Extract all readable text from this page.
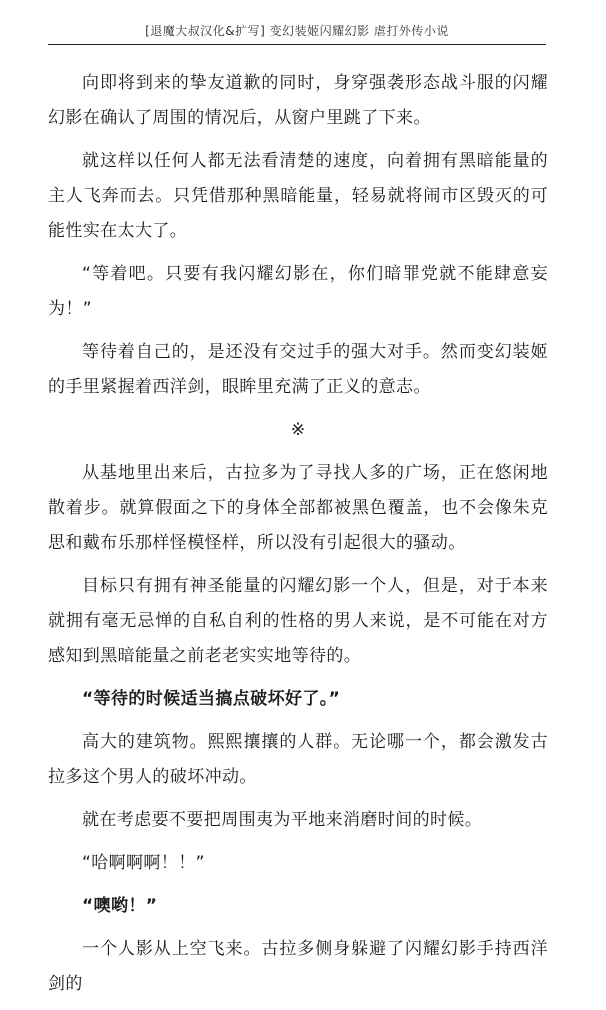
[退魔大叔汉化&扩写] 变幻装姬闪耀幻影 虐打外传小说

向即将到来的挚友道歉的同时，身穿强袭形态战斗服的闪耀幻影在确认了周围的情况后，从窗户里跳了下来。

就这样以任何人都无法看清楚的速度，向着拥有黑暗能量的主人飞奔而去。只凭借那种黑暗能量，轻易就将闹市区毁灭的可能性实在太大了。

“等着吧。只要有我闪耀幻影在，你们暗罪党就不能肆意妄为！”

等待着自己的，是还没有交过手的强大对手。然而变幻装姬的手里紧握着西洋剑，眼眸里充满了正义的意志。

※

从基地里出来后，古拉多为了寻找人多的广场，正在悠闲地散着步。就算假面之下的身体全部都被黑色覆盖，也不会像朱克思和戴布乐那样怪模怪样，所以没有引起很大的骚动。

目标只有拥有神圣能量的闪耀幻影一个人，但是，对于本来就拥有毫无忌惮的自私自利的性格的男人来说，是不可能在对方感知到黑暗能量之前老老实实地等待的。

“等待的时候适当搞点破坏好了。”

高大的建筑物。熙熙攘攘的人群。无论哪一个，都会激发古拉多这个男人的破坏冲动。

就在考虑要不要把周围夷为平地来消磨时间的时候。

“哈啊啊啊！！”

“噢哟！”

一个人影从上空飞来。古拉多侧身躲避了闪耀幻影手持西洋剑的
